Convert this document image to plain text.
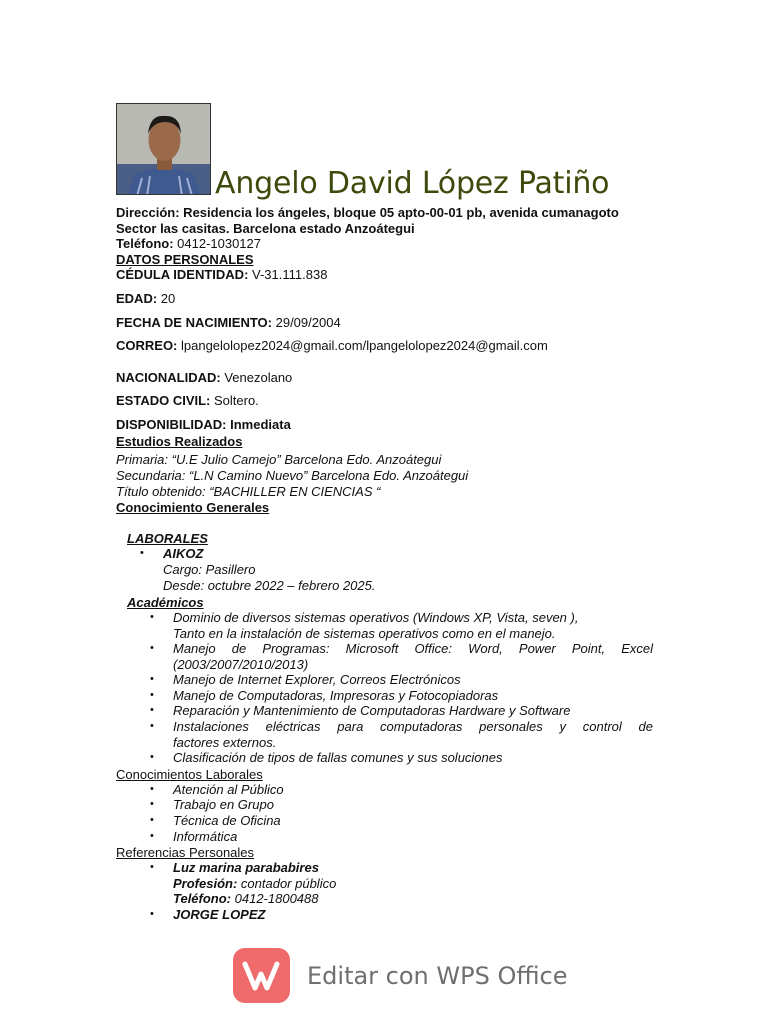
Angelo David López Patiño
Dirección: Residencia los ángeles, bloque 05 apto-00-01 pb, avenida cumanagoto
Sector las casitas. Barcelona estado Anzoátegui
Teléfono: 0412-1030127
DATOS PERSONALES
CÉDULA IDENTIDAD: V-31.111.838
EDAD: 20
FECHA DE NACIMIENTO: 29/09/2004
CORREO: lpangelolopez2024@gmail.com/lpangelolopez2024@gmail.com
NACIONALIDAD: Venezolano
ESTADO CIVIL: Soltero.
DISPONIBILIDAD: Inmediata
Estudios Realizados
Primaria: “U.E Julio Camejo” Barcelona Edo. Anzoátegui
Secundaria: “L.N Camino Nuevo” Barcelona Edo. Anzoátegui
Título obtenido: “BACHILLER EN CIENCIAS “
Conocimiento Generales
LABORALES
• AIKOZ
Cargo: Pasillero
Desde: octubre 2022 – febrero 2025.
Académicos
• Dominio de diversos sistemas operativos (Windows XP, Vista, seven ),
Tanto en la instalación de sistemas operativos como en el manejo.
• Manejo de Programas: Microsoft Office: Word, Power Point, Excel
(2003/2007/2010/2013)
• Manejo de Internet Explorer, Correos Electrónicos
• Manejo de Computadoras, Impresoras y Fotocopiadoras
• Reparación y Mantenimiento de Computadoras Hardware y Software
• Instalaciones eléctricas para computadoras personales y control de
factores externos.
• Clasificación de tipos de fallas comunes y sus soluciones
Conocimientos Laborales
• Atención al Público
• Trabajo en Grupo
• Técnica de Oficina
• Informática
Referencias Personales
• Luz marina parababires
Profesión: contador público
Teléfono: 0412-1800488
• JORGE LOPEZ
Editar con WPS Office
